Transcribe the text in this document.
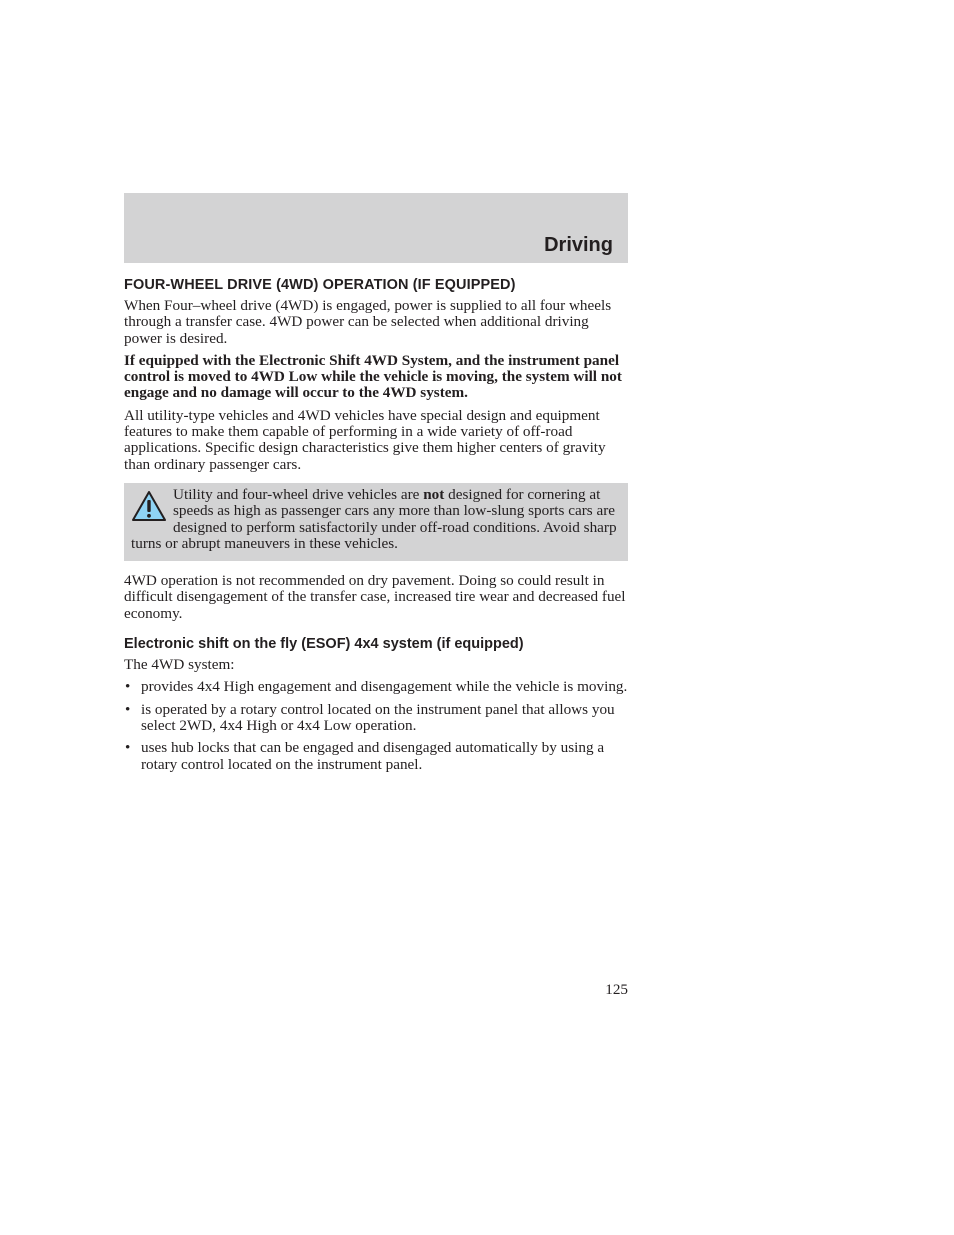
Driving
FOUR-WHEEL DRIVE (4WD) OPERATION (IF EQUIPPED)

When Four–wheel drive (4WD) is engaged, power is supplied to all four wheels through a transfer case. 4WD power can be selected when additional driving power is desired.

If equipped with the Electronic Shift 4WD System, and the instrument panel control is moved to 4WD Low while the vehicle is moving, the system will not engage and no damage will occur to the 4WD system.

All utility-type vehicles and 4WD vehicles have special design and equipment features to make them capable of performing in a wide variety of off-road applications. Specific design characteristics give them higher centers of gravity than ordinary passenger cars.

Utility and four-wheel drive vehicles are not designed for cornering at speeds as high as passenger cars any more than low-slung sports cars are designed to perform satisfactorily under off-road conditions. Avoid sharp turns or abrupt maneuvers in these vehicles.

4WD operation is not recommended on dry pavement. Doing so could result in difficult disengagement of the transfer case, increased tire wear and decreased fuel economy.

Electronic shift on the fly (ESOF) 4x4 system (if equipped)

The 4WD system:

• provides 4x4 High engagement and disengagement while the vehicle is moving.
• is operated by a rotary control located on the instrument panel that allows you select 2WD, 4x4 High or 4x4 Low operation.
• uses hub locks that can be engaged and disengaged automatically by using a rotary control located on the instrument panel.
125
